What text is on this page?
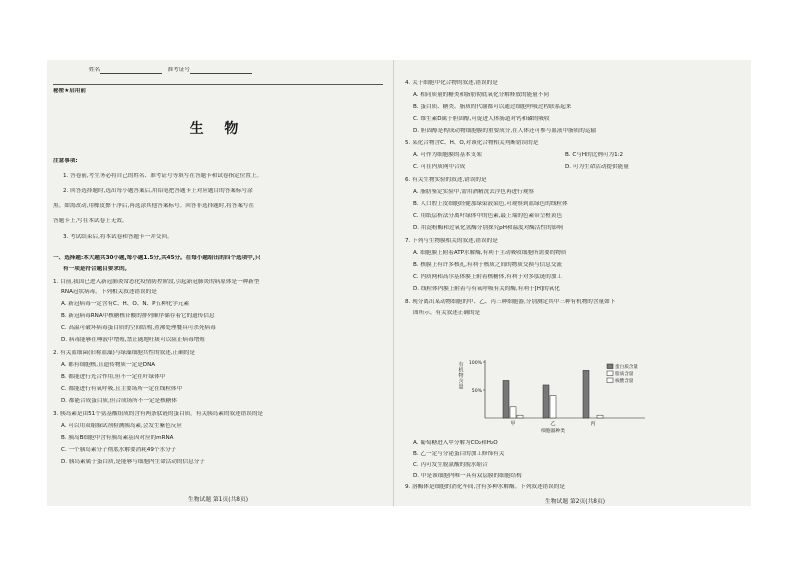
姓名	准考证号
秘密★启用前
生 物
注意事项:
1. 答卷前,考生务必将自己的姓名、准考证号等填写在答题卡和试卷指定位置上。
2. 回答选择题时,选出每小题答案后,用铅笔把答题卡上对应题目的答案标号涂
黑。如需改动,用橡皮擦干净后,再选涂其他答案标号。回答非选择题时,将答案写在
答题卡上,写在本试卷上无效。
3. 考试结束后,将本试卷和答题卡一并交回。
一、选择题:本大题共30小题,每小题1.5分,共45分。在每小题给出的四个选项中,只
有一项是符合题目要求的。
1. 目前,我国已进入新冠肺炎常态化疫情防控阶段,引起新冠肺炎的病原体是一种新型
RNA冠状病毒。下列相关叙述错误的是
A. 新冠病毒一定含有C、H、O、N、P五种化学元素
B. 新冠病毒RNA中核糖核苷酸的排列顺序储存着它的遗传信息
C. 高温可破坏病毒蛋白质的空间结构,煮沸处理餐具可杀死病毒
D. 病毒能够在唾液中增殖,禁止随地吐痰可以阻止病毒增殖
2. 有关蓝细菌(旧称蓝藻)与绿藻细胞共性的叙述,正确的是
A. 都有细胞核,且遗传物质一定是DNA
B. 都能进行光合作用,但不一定在叶绿体中
C. 都能进行有氧呼吸,且主要场所一定在线粒体中
D. 都能合成蛋白质,但合成场所不一定是核糖体
3. 胰岛素是由51个氨基酸组成的含有两条肽链的蛋白质。有关胰岛素的叙述错误的是
A. 可以用双缩脲试剂检测胰岛素,会发生紫色反应
B. 胰岛B细胞中含有胰岛素基因对应的mRNA
C. 一个胰岛素分子彻底水解要消耗49个水分子
D. 胰岛素属于蛋白质,是能够与细胞内生命活动的信息分子
生物试题 第1页(共8页)
4. 关于细胞中化合物的叙述,错误的是
A. 相同质量的糖类和脂肪彻底氧化分解释放的能量不同
B. 蛋白质、糖类、脂质的代谢都可以通过细胞呼吸过程联系起来
C. 维生素D属于胆固醇,可促进人体肠道对钙和磷的吸收
D. 胆固醇是构成动物细胞膜的重要成分,在人体还可参与血液中脂质的运输
5. 某化合物含C、H、O,对该化合物相关判断错误的是
A. 可作为细胞膜的基本支架	B. C与H的比例可为1:2
C. 可在内质网中合成	D. 可为生命活动提供能量
6. 有关生物实验的叙述,错误的是
A. 脂肪鉴定实验中,需用酒精洗去浮色再进行观察
B. 人口腔上皮细胞经健那绿染液染色,可观察到蓝绿色的线粒体
C. 用纸层析法分离叶绿体中的色素,最上端的色素带呈橙黄色
D. 用淀粉酶和过氧化氢酶分别探究pH和温度对酶活性的影响
7. 下列与生物膜相关的叙述,错误的是
A. 细胞膜上附着ATP水解酶,有利于主动吸收细胞所需要的物质
B. 核膜上有许多核孔,有利于核质之间的物质交换与信息交流
C. 内质网和高尔基体膜上附着核糖体,有利于对多肽链的加工
D. 线粒体内膜上附着与有氧呼吸有关的酶,有利于[H]的氧化
8. 现分离出某动物细胞的甲、乙、丙三种细胞器,分别测定其中三种有机物的含量如下
图所示。有关叙述正确的是
有
机
物
含
量
100%
50%
甲	乙	丙
细胞器种类
蛋白质含量
脂质含量
核酸含量
A. 葡萄糖进入甲分解为CO₂和H₂O
B. 乙一定与分泌蛋白的加工修饰有关
C. 丙可发生脱氨酸的脱水缩合
D. 甲是该细胞内唯一具有双层膜的细胞结构
9. 溶酶体是细胞的消化车间,含有多种水解酶。下列叙述错误的是
生物试题 第2页(共8页)
